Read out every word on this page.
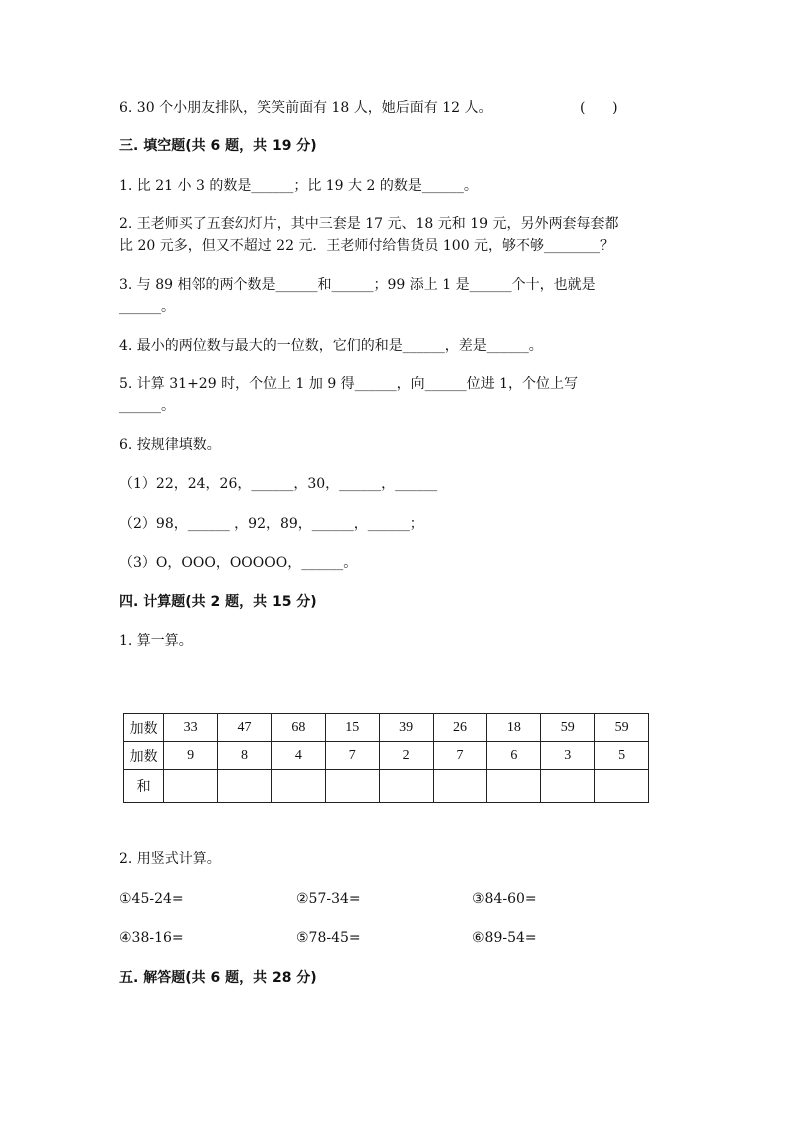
6. 30 个小朋友排队，笑笑前面有 18 人，她后面有 12 人。	(      )
三. 填空题(共 6 题，共 19 分)
1. 比 21 小 3 的数是______；比 19 大 2 的数是______。
2. 王老师买了五套幻灯片，其中三套是 17 元、18 元和 19 元，另外两套每套都
比 20 元多，但又不超过 22 元．王老师付给售货员 100 元，够不够________？
3. 与 89 相邻的两个数是______和______；99 添上 1 是______个十，也就是
______。
4. 最小的两位数与最大的一位数，它们的和是______，差是______。
5. 计算 31+29 时，个位上 1 加 9 得______，向______位进 1，个位上写
______。
6. 按规律填数。
（1）22，24，26，______，30，______，______
（2）98，______ ，92，89，______，______；
（3）O，OOO，OOOOO，______。
四. 计算题(共 2 题，共 15 分)
1. 算一算。
加数	33	47	68	15	39	26	18	59	59
加数	9	8	4	7	2	7	6	3	5
和									
2. 用竖式计算。
①45-24=	②57-34=	③84-60=
④38-16=	⑤78-45=	⑥89-54=
五. 解答题(共 6 题，共 28 分)
